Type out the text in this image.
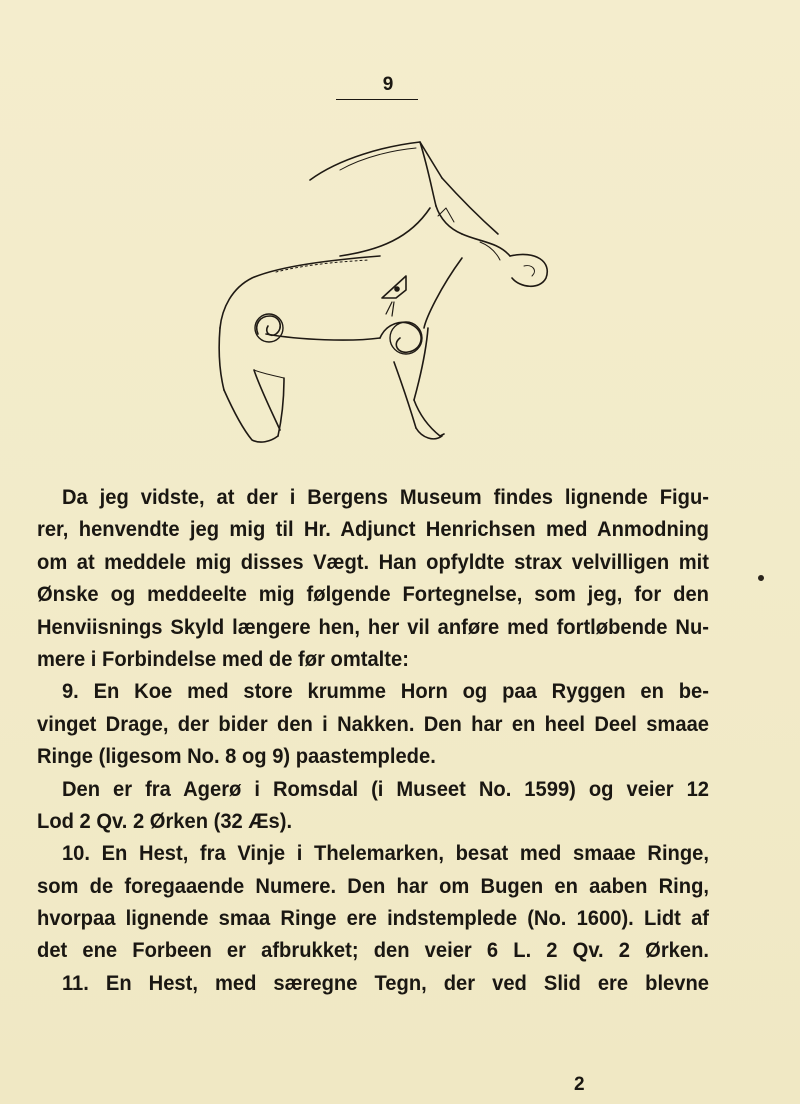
9
Da jeg vidste, at der i Bergens Museum findes lignende Figu-
rer, henvendte jeg mig til Hr. Adjunct Henrichsen med Anmodning
om at meddele mig disses Vægt. Han opfyldte strax velvilligen mit
Ønske og meddeelte mig følgende Fortegnelse, som jeg, for den
Henviisnings Skyld længere hen, her vil anføre med fortløbende Nu-
mere i Forbindelse med de før omtalte:
9. En Koe med store krumme Horn og paa Ryggen en be-
vinget Drage, der bider den i Nakken. Den har en heel Deel smaae
Ringe (ligesom No. 8 og 9) paastemplede.
Den er fra Agerø i Romsdal (i Museet No. 1599) og veier 12
Lod 2 Qv. 2 Ørken (32 Æs).
10. En Hest, fra Vinje i Thelemarken, besat med smaae Ringe,
som de foregaaende Numere. Den har om Bugen en aaben Ring,
hvorpaa lignende smaa Ringe ere indstemplede (No. 1600). Lidt af
det ene Forbeen er afbrukket; den veier 6 L. 2 Qv. 2 Ørken.
11. En Hest, med særegne Tegn, der ved Slid ere blevne
2
